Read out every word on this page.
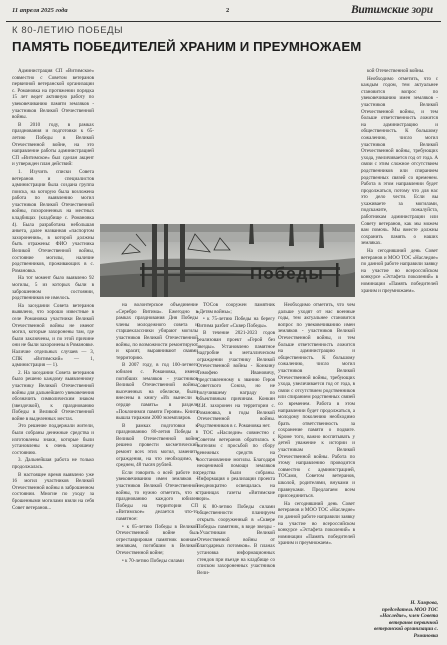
11 апреля 2025 года	2	Витимские зори
К 80-ЛЕТИЮ ПОБЕДЫ
ПАМЯТЬ ПОБЕДИТЕЛЕЙ ХРАНИМ И ПРЕУМНОЖАЕМ

Администрация СП «Витимское» совместно с Советом ветеранов первичной ветеранской организации с. Романовка на протяжении порядка 15 лет ведет активную работу по увековечиванию памяти земляков - участников Великой Отечественной войны.

В 2010 году, в рамках празднования и подготовки к 65-летию Победы в Великой Отечественной войне, на это направление работы администрацией СП «Витимское» был сделан акцент и утвержден план действий:

1. Изучить списки Совета ветеранов и специалистов администрации была создана группа поиска, на которую была возложена работа по выявлению могил участников Великой Отечественной войны, похороненных на местных кладбищах (кладбище с. Романовка 4). Была разработана небольшая анкета, далее названная «паспортом захоронения», в которой должны быть отражены: ФИО участника Великой Отечественной войны, состояние могилы, наличие родственников, проживающих в с. Романовка.

На тот момент было выявлено 92 могилы, 5 из которых были в заброшенном состоянии, родственников не имелось.

На заседании Совета ветеранов выявлено, что хорошо известные в селе Романовка участники Великой Отечественной войны не имеют могил, которые захоронены там, где были заключены, и по этой причине они не были захоронены в Романовке. Наличие отдельных случаев — 3, СПК «Витимский» — 1, администрация — 1).

2. На заседании Совета ветеранов было решено каждому выявленному участнику Великой Отечественной войны для дальнейшего увековечения обозначить символическим знаком (звездочкой), к празднованию Победы в Великой Отечественной войне в выделенных местах.

Это решение поддержали жители, были собраны денежные средства и изготовлены знаки, которые были установлены к очень хорошему состоянию.

3. Дальнейшая работа не только продолжалась.

В настоящее время выявлено уже 16 могил участников Великой Отечественной войны в заброшенном состоянии. Многие по уходу за брошенными могилами взяли на себя Совет ветеранов...

Победы

на волонтерское объединение «Серебро Витима». Ежегодно в рамках празднования Дня Победы члены молодежного совета и старшеклассники убирают могилы участников Великой Отечественной войны, по возможности ремонтируют и красят, выравнивают сваями территорию.

В 2007 году, в год 100-летнего юбилея с. Романовка, имена погибших земляков - участников Великой Отечественной войны, высеченных на обелиске, были внесены в книгу «Их вынесли в сердце память» в разделе «Поклонимся памяти Героям». Книга вышла тиражом 2000 экземпляров.

В рамках подготовки к празднованию 80-летия Победы в Великой Отечественной войне решено провести косметический ремонт всех этих могил, заменить ограждения, на что необходимо, в среднем, 48 тысяч рублей.

Если говорить о всей работе по увековечиванию имен земляков - участников Великой Отечественной войны, то нужно отметить, что к празднованию каждого юбилея Победы на территории СП «Витимское» делается что-то памятное:

• к 65-летию Победы в Великой Отечественной войне был отреставрирован памятник воинам-землякам, погибшим в Великой Отечественной войне;

• к 70-летию Победы силами

ТОСов сооружен памятник «Детям войны»;

• к 75-летию Победы на берегу Витима разбит «Сквер Победы».

В течение 2021-2023 годов реализован проект «Герой без звезды». Установлено памятное надгробие в металлическом ограждении участнику Великой Отечественной войны - Конкину Тимофею Ивановичу, представленному к званию Героя Советского Союза, но не получившему награду по объективным причинам. Конкин И.И. захоронен на территории с. Романовка, в годы Великой Отечественной войны. Родственников в с. Романовка нет.

ТОС «Наследие» совместно с Советом ветеранов обратились к жителям с просьбой по сбору денежных средств на восстановление могилы. Благодаря неоценимой помощи земляков средства были собраны. Информация о реализации проекта неоднократно освещалась на страницах газеты «Витимские зори».

К 80-летию Победы силами общественности планируем открыть сооруженный в «Сквере Победы» памятник, в виде звезды - «Участникам Великой Отечественной войны от благодарных потомков». В планах установка информационных стендов при въезде на кладбище со списком захороненных участников Вели-

Необходимо отметить, что чем дальше уходят от нас военные годы, тем актуальнее становится вопрос по увековечиванию имен земляков - участников Великой Отечественной войны, и тем больше ответственность ложится на администрацию и общественность. К большому сожалению, число могил участников Великой Отечественной войны, требующих ухода, увеличивается год от года, в связи с отсутствием родственников или спиранием родственных связей со временем. Работа в этом направлении будет продолжаться, а молодому поколению необходимо брать ответственность за сохранение памяти о подвиге. Кроме того, важно воспитывать у детей уважение к истории и участникам Великой Отечественной войны. Работа по этому направлению проводится совместно с администрацией, ТОСами, Советом ветеранов, школой, родителями, внуками и правнуками. Предлагаем всем присоединиться.

На сегодняшний день Совет ветеранов и МОО ТОС «Наследие» по данной работе направили заявку на участие во всероссийском конкурсе «Эстафета поколений» в номинации «Память победителей храним и преумножаем».

кой Отечественной войны.

Необходимо отметить, что с каждым годом, тем актуальнее становится вопрос по увековечиванию имен земляков - участников Великой Отечественной войны, и тем больше ответственность ложится на администрацию и общественность. К большому сожалению, число могил участников Великой Отечественной войны, требующих ухода, увеличивается год от года. А связи с этим сложное отсутствием родственников или спиранием родственных связей со временем. Работа в этом направлении будет продолжаться, потому что для нас это дело чести. Если вы ухаживаете за могилами, подскажите, пожалуйста, работникам администрации или Совету ветеранов, как мы можем вам помочь. Мы вместе должны сохранить память о наших земляках.

На сегодняшний день Совет ветеранов и МОО ТОС «Наследие» по данной работе направили заявку на участие во всероссийском конкурсе «Эстафета поколений» в номинации «Память победителей храним и преумножаем».

Н. Хамрова,
председатель МОО ТОС «Наследие», член Совета ветеранов первичной ветеранской организации с. Романовка
